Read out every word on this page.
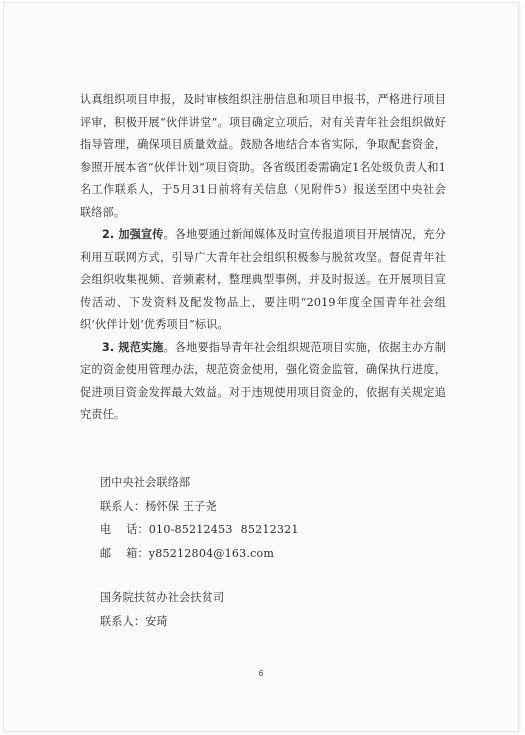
认真组织项目申报，及时审核组织注册信息和项目申报书，严格进行项目评审，积极开展“伙伴讲堂”。项目确定立项后，对有关青年社会组织做好指导管理，确保项目质量效益。鼓励各地结合本省实际，争取配套资金，参照开展本省“伙伴计划”项目资助。各省级团委需确定1名处级负责人和1名工作联系人，于5月31日前将有关信息（见附件5）报送至团中央社会联络部。

2. 加强宣传。各地要通过新闻媒体及时宣传报道项目开展情况，充分利用互联网方式，引导广大青年社会组织积极参与脱贫攻坚。督促青年社会组织收集视频、音频素材，整理典型事例，并及时报送。在开展项目宣传活动、下发资料及配发物品上，要注明“2019年度全国青年社会组织‘伙伴计划’优秀项目”标识。

3. 规范实施。各地要指导青年社会组织规范项目实施，依据主办方制定的资金使用管理办法，规范资金使用，强化资金监管，确保执行进度，促进项目资金发挥最大效益。对于违规使用项目资金的，依据有关规定追究责任。

团中央社会联络部

联系人：杨怀保 王子尧

电    话：010-85212453 85212321

邮    箱：y85212804@163.com

国务院扶贫办社会扶贫司

联系人：安琦

6
